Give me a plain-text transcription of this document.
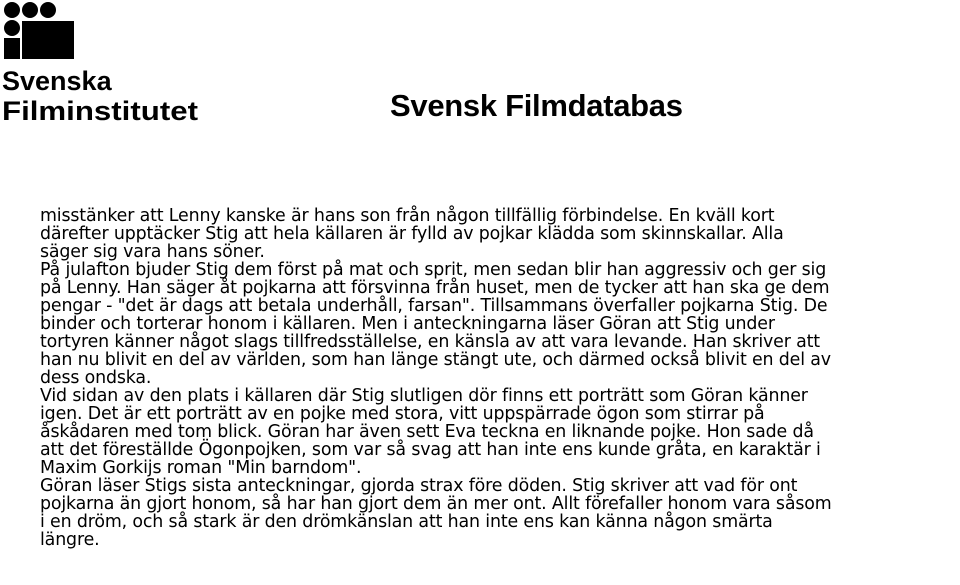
Svenska
Filminstitutet	Svensk Filmdatabas

misstänker att Lenny kanske är hans son från någon tillfällig förbindelse. En kväll kort
därefter upptäcker Stig att hela källaren är fylld av pojkar klädda som skinnskallar. Alla
säger sig vara hans söner.

På julafton bjuder Stig dem först på mat och sprit, men sedan blir han aggressiv och ger sig
på Lenny. Han säger åt pojkarna att försvinna från huset, men de tycker att han ska ge dem
pengar - "det är dags att betala underhåll, farsan". Tillsammans överfaller pojkarna Stig. De
binder och torterar honom i källaren. Men i anteckningarna läser Göran att Stig under
tortyren känner något slags tillfredsställelse, en känsla av att vara levande. Han skriver att
han nu blivit en del av världen, som han länge stängt ute, och därmed också blivit en del av
dess ondska.

Vid sidan av den plats i källaren där Stig slutligen dör finns ett porträtt som Göran känner
igen. Det är ett porträtt av en pojke med stora, vitt uppspärrade ögon som stirrar på
åskådaren med tom blick. Göran har även sett Eva teckna en liknande pojke. Hon sade då
att det föreställde Ögonpojken, som var så svag att han inte ens kunde gråta, en karaktär i
Maxim Gorkijs roman "Min barndom".

Göran läser Stigs sista anteckningar, gjorda strax före döden. Stig skriver att vad för ont
pojkarna än gjort honom, så har han gjort dem än mer ont. Allt förefaller honom vara såsom
i en dröm, och så stark är den drömkänslan att han inte ens kan känna någon smärta
längre.
